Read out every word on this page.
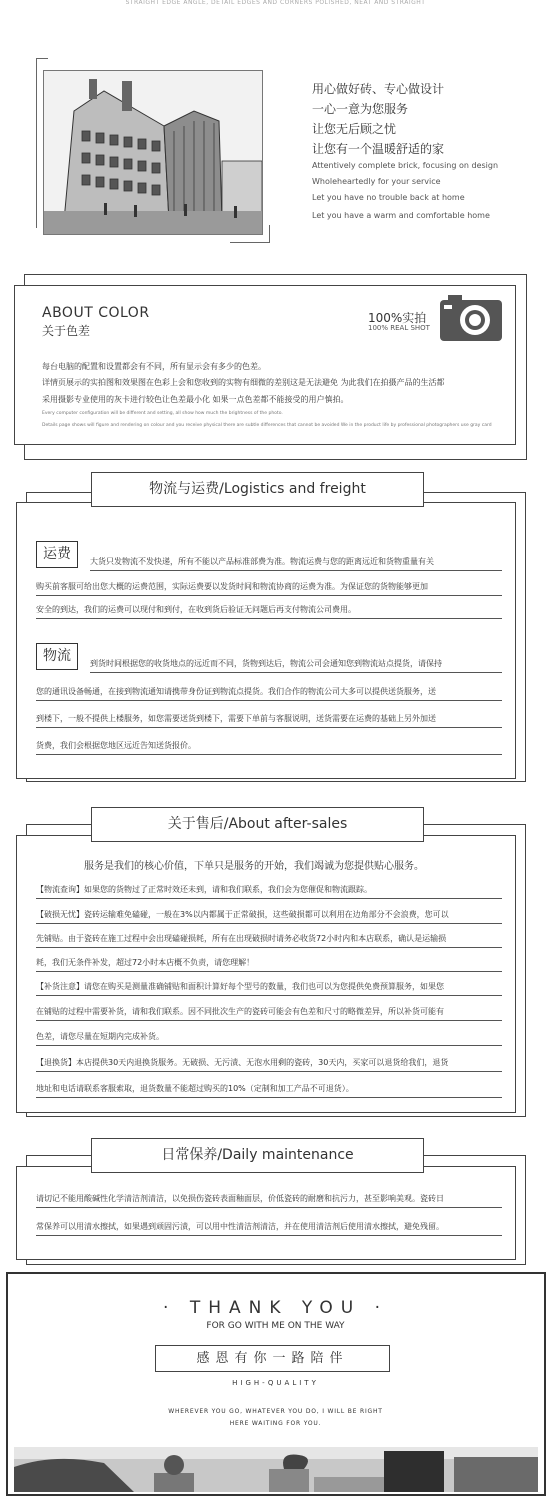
STRAIGHT EDGE ANGLE, DETAIL EDGES AND CORNERS POLISHED, NEAT AND STRAIGHT
用心做好砖、专心做设计
一心一意为您服务
让您无后顾之忧
让您有一个温暖舒适的家
Attentively complete brick, focusing on design
Wholeheartedly for your service
Let you have no trouble back at home
Let you have a warm and comfortable home
ABOUT COLOR
关于色差
100%实拍
100% REAL SHOT
每台电脑的配置和设置都会有不同，所有显示会有多少的色差。
详情页展示的实拍图和效果图在色彩上会和您收到的实物有细微的差别这是无法避免 为此我们在拍摄产品的生活都
采用摄影专业使用的灰卡进行较色让色差最小化 如果一点色差都不能接受的用户慎拍。
Every computer configuration will be different and setting, all show how much the brightness of the photo.
Details page shows will figure and rendering on colour and you receive physical there are subtle differences that cannot be avoided We in the product life by professional photographers use gray card
物流与运费/Logistics and freight
运费	大货只发物流不发快递，所有不能以产品标准部费为准。物流运费与您的距离远近和货物重量有关
购买前客服可给出您大概的运费范围，实际运费要以发货时间和物流协商的运费为准。为保证您的货物能够更加
安全的到达，我们的运费可以现付和到付，在收到货后验证无问题后再支付物流公司费用。
物流	到货时间根据您的收货地点的远近而不同，货物到达后，物流公司会通知您到物流站点提货，请保持
您的通讯设备畅通，在接到物流通知请携带身份证到物流点提货。我们合作的物流公司大多可以提供送货服务，送
到楼下，一般不提供上楼服务，如您需要送货到楼下，需要下单前与客服说明，送货需要在运费的基础上另外加送
货费，我们会根据您地区远近告知送货报价。
关于售后/About after-sales
服务是我们的核心价值，下单只是服务的开始，我们竭诚为您提供贴心服务。
【物流查询】如果您的货物过了正常时效还未到，请和我们联系，我们会为您催促和物流跟踪。
【破损无忧】瓷砖运输难免磕碰，一般在3%以内都属于正常破损，这些破损都可以利用在边角部分不会浪费，您可以
先铺贴。由于瓷砖在施工过程中会出现磕碰损耗，所有在出现破损时请务必收货72小时内和本店联系，确认是运输损
耗，我们无条件补发，超过72小时本店概不负责，请您理解！
【补货注意】请您在购买是测量准确铺贴和面积计算好每个型号的数量，我们也可以为您提供免费预算服务，如果您
在铺贴的过程中需要补货，请和我们联系。因不同批次生产的瓷砖可能会有色差和尺寸的略微差异，所以补货可能有
色差，请您尽量在短期内完成补货。
【退换货】本店提供30天内退换货服务。无破损、无污渍、无泡水用剩的瓷砖，30天内，买家可以退货给我们，退货
地址和电话请联系客服索取，退货数量不能超过购买的10%（定制和加工产品不可退货）。
日常保养/Daily maintenance
请切记不能用酸碱性化学清洁剂清洁，以免损伤瓷砖表面釉面层，价低瓷砖的耐磨和抗污力，甚至影响美观。瓷砖日
常保养可以用清水擦拭，如果遇到顽固污渍，可以用中性清洁剂清洁，并在使用清洁剂后使用清水擦拭，避免残留。
· THANK YOU ·
FOR GO WITH ME ON THE WAY
感恩有你一路陪伴
HIGH-QUALITY
WHEREVER YOU GO, WHATEVER YOU DO, I WILL BE RIGHT
HERE WAITING FOR YOU.
